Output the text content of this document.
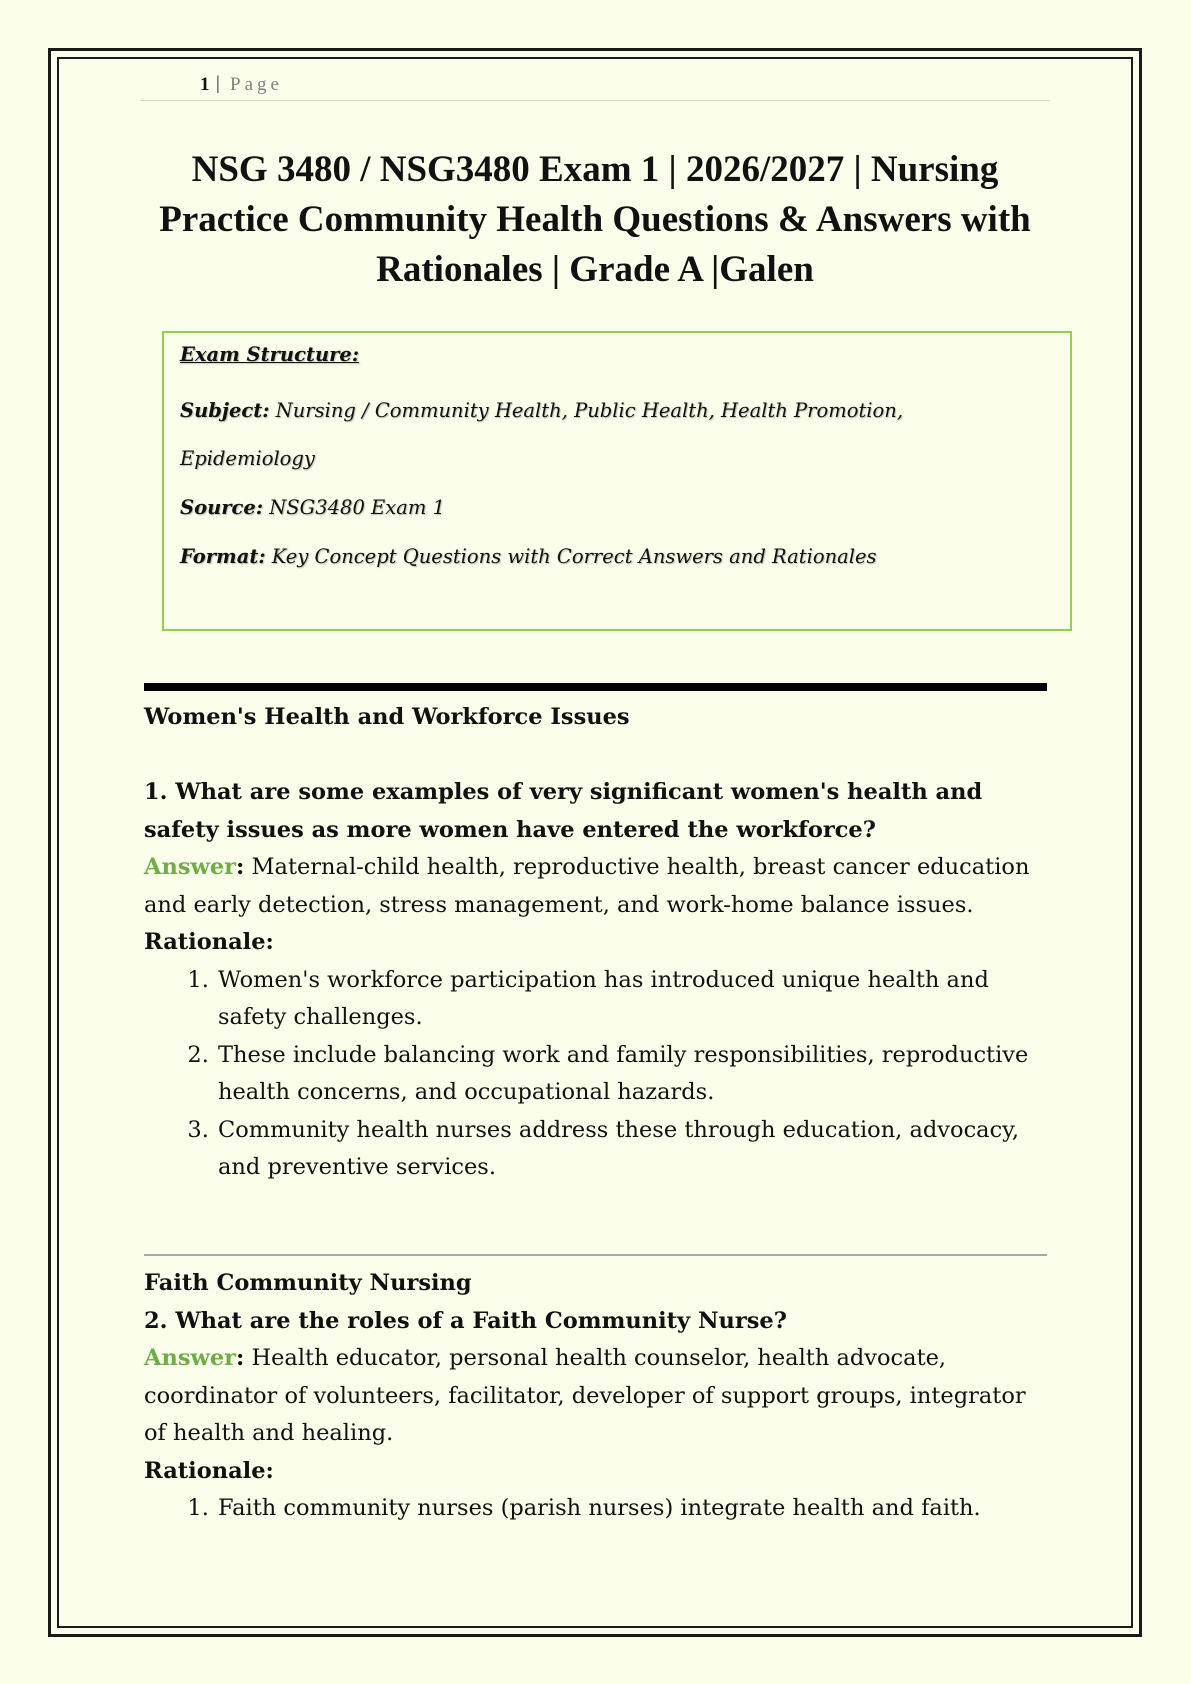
1 | Page
NSG 3480 / NSG3480 Exam 1 | 2026/2027 | Nursing Practice Community Health Questions & Answers with Rationales | Grade A |Galen
Exam Structure:
Subject: Nursing / Community Health, Public Health, Health Promotion,
Epidemiology
Source: NSG3480 Exam 1
Format: Key Concept Questions with Correct Answers and Rationales

Women's Health and Workforce Issues

1. What are some examples of very significant women's health and safety issues as more women have entered the workforce?

Answer: Maternal-child health, reproductive health, breast cancer education and early detection, stress management, and work-home balance issues.

Rationale:

1. Women's workforce participation has introduced unique health and safety challenges.
2. These include balancing work and family responsibilities, reproductive health concerns, and occupational hazards.
3. Community health nurses address these through education, advocacy, and preventive services.

Faith Community Nursing

2. What are the roles of a Faith Community Nurse?

Answer: Health educator, personal health counselor, health advocate, coordinator of volunteers, facilitator, developer of support groups, integrator of health and healing.

Rationale:

1. Faith community nurses (parish nurses) integrate health and faith.
